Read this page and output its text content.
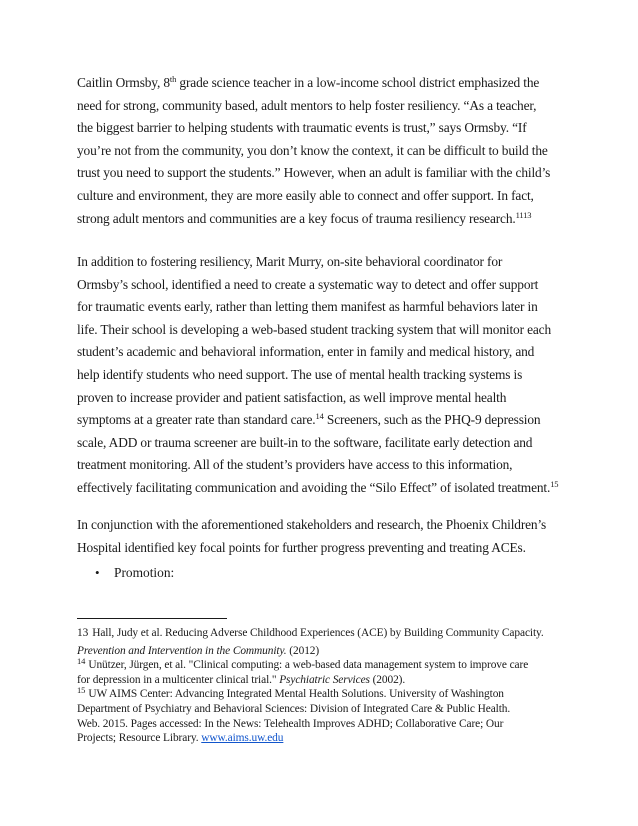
Caitlin Ormsby, 8th grade science teacher in a low-income school district emphasized the
need for strong, community based, adult mentors to help foster resiliency. “As a teacher,
the biggest barrier to helping students with traumatic events is trust,” says Ormsby. “If
you’re not from the community, you don’t know the context, it can be difficult to build the
trust you need to support the students.” However, when an adult is familiar with the child’s
culture and environment, they are more easily able to connect and offer support. In fact,
strong adult mentors and communities are a key focus of trauma resiliency research.$^{1113}$
In addition to fostering resiliency, Marit Murry, on-site behavioral coordinator for
Ormsby’s school, identified a need to create a systematic way to detect and offer support
for traumatic events early, rather than letting them manifest as harmful behaviors later in
life. Their school is developing a web-based student tracking system that will monitor each
student’s academic and behavioral information, enter in family and medical history, and
help identify students who need support. The use of mental health tracking systems is
proven to increase provider and patient satisfaction, as well improve mental health
symptoms at a greater rate than standard care.$^{14}$ Screeners, such as the PHQ-9 depression
scale, ADD or trauma screener are built-in to the software, facilitate early detection and
treatment monitoring. All of the student’s providers have access to this information,
effectively facilitating communication and avoiding the “Silo Effect” of isolated treatment.$^{15}$
In conjunction with the aforementioned stakeholders and research, the Phoenix Children’s
Hospital identified key focal points for further progress preventing and treating ACEs.
•	Promotion:
13 Hall, Judy et al. Reducing Adverse Childhood Experiences (ACE) by Building Community Capacity.
Prevention and Intervention in the Community. (2012)
$^{14}$ Unützer, Jürgen, et al. "Clinical computing: a web-based data management system to improve care
for depression in a multicenter clinical trial." Psychiatric Services (2002).
$^{15}$ UW AIMS Center: Advancing Integrated Mental Health Solutions. University of Washington
Department of Psychiatry and Behavioral Sciences: Division of Integrated Care & Public Health.
Web. 2015. Pages accessed: In the News: Telehealth Improves ADHD; Collaborative Care; Our
Projects; Resource Library. www.aims.uw.edu
